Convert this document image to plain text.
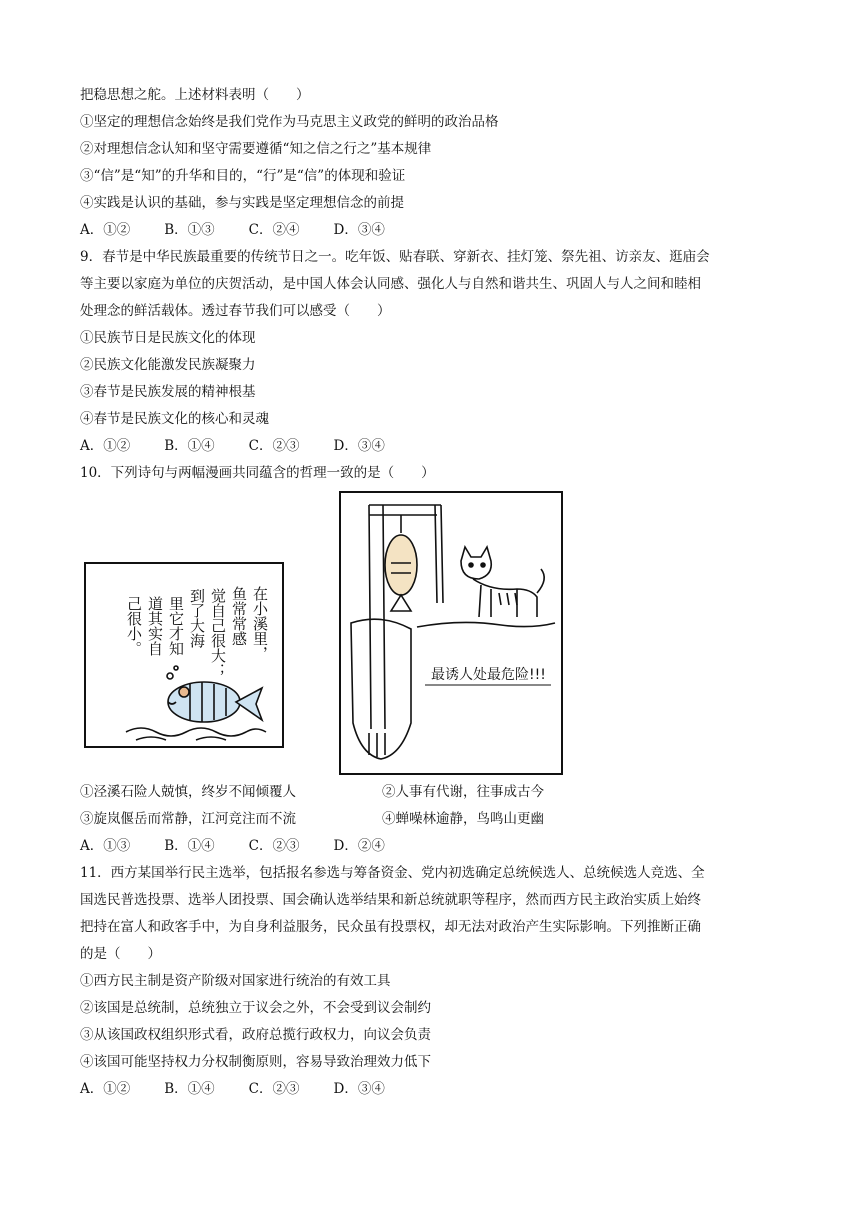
把稳思想之舵。上述材料表明（　　）
①坚定的理想信念始终是我们党作为马克思主义政党的鲜明的政治品格
②对理想信念认知和坚守需要遵循“知之信之行之”基本规律
③“信”是“知”的升华和目的，“行”是“信”的体现和验证
④实践是认识的基础，参与实践是坚定理想信念的前提
A．①②	B．①③	C．②④	D．③④
9．春节是中华民族最重要的传统节日之一。吃年饭、贴春联、穿新衣、挂灯笼、祭先祖、访亲友、逛庙会
等主要以家庭为单位的庆贺活动，是中国人体会认同感、强化人与自然和谐共生、巩固人与人之间和睦相
处理念的鲜活载体。透过春节我们可以感受（　　）
①民族节日是民族文化的体现
②民族文化能激发民族凝聚力
③春节是民族发展的精神根基
④春节是民族文化的核心和灵魂
A．①②	B．①④	C．②③	D．③④
10．下列诗句与两幅漫画共同蕴含的哲理一致的是（　　）
在小溪里，
鱼常常感
觉自己很大；
到了大海
里它才知
道其实自
己很小。
最诱人处最危险!!!
①泾溪石险人兢慎，终岁不闻倾覆人	②人事有代谢，往事成古今
③旋岚偃岳而常静，江河竞注而不流	④蝉噪林逾静，鸟鸣山更幽
A．①③	B．①④	C．②③	D．②④
11．西方某国举行民主选举，包括报名参选与筹备资金、党内初选确定总统候选人、总统候选人竞选、全
国选民普选投票、选举人团投票、国会确认选举结果和新总统就职等程序，然而西方民主政治实质上始终
把持在富人和政客手中，为自身利益服务，民众虽有投票权，却无法对政治产生实际影响。下列推断正确
的是（　　）
①西方民主制是资产阶级对国家进行统治的有效工具
②该国是总统制，总统独立于议会之外，不会受到议会制约
③从该国政权组织形式看，政府总揽行政权力，向议会负责
④该国可能坚持权力分权制衡原则，容易导致治理效力低下
A．①②	B．①④	C．②③	D．③④
